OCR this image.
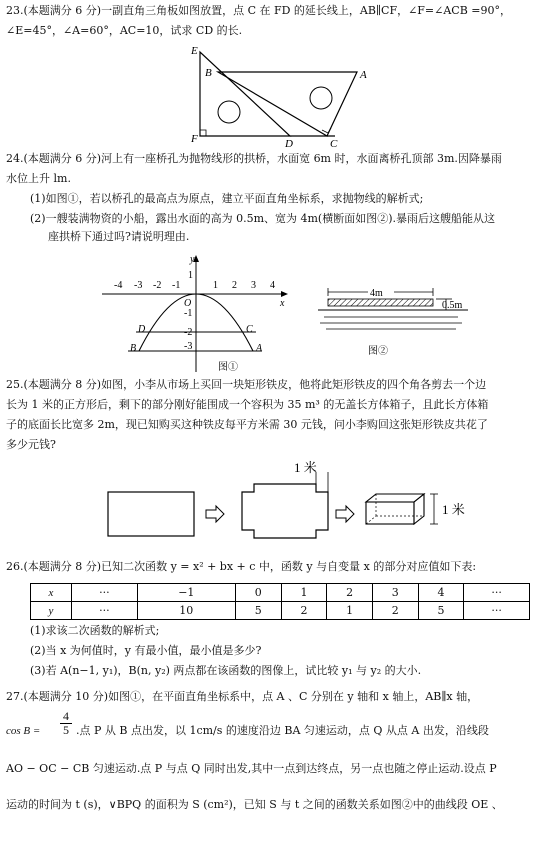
23.(本题满分 6 分)一副直角三角板如图放置，点 C 在 FD 的延长线上，AB∥CF，∠F=∠ACB =90°，
∠E=45°，∠A=60°，AC=10，试求 CD 的长.
E
B	A
F	D	C
24.(本题满分 6 分)河上有一座桥孔为抛物线形的拱桥，水面宽 6m 时，水面离桥孔顶部 3m.因降暴雨
水位上升 lm.
(1)如图①，若以桥孔的最高点为原点，建立平面直角坐标系，求抛物线的解析式;
(2)一艘装满物资的小船，露出水面的高为 0.5m、宽为 4m(横断面如图②).暴雨后这艘船能从这
座拱桥下通过吗?请说明理由.
y
x
O
-4 -3 -2 -1	1 2 3 4
1
-1
-2
-3
D	C
B	A
图①
4m
0.5m
图②
25.(本题满分 8 分)如图，小李从市场上买回一块矩形铁皮，他将此矩形铁皮的四个角各剪去一个边
长为 1 米的正方形后，剩下的部分刚好能围成一个容积为 35 m³ 的无盖长方体箱子，且此长方体箱
子的底面长比宽多 2m，现已知购买这种铁皮每平方米需 30 元钱，问小李购回这张矩形铁皮共花了
多少元钱?
1 米
1 米
26.(本题满分 8 分)已知二次函数 y = x² + bx + c 中，函数 y 与自变量 x 的部分对应值如下表:
x	···	−1	0	1	2	3	4	···
y	···	10	5	2	1	2	5	···
(1)求该二次函数的解析式;
(2)当 x 为何值时，y 有最小值，最小值是多少?
(3)若 A(n−1, y₁)，B(n, y₂) 两点都在该函数的图像上，试比较 y₁ 与 y₂ 的大小.
27.(本题满分 10 分)如图①，在平面直角坐标系中，点 A 、C 分别在 y 轴和 x 轴上，AB∥x 轴，
cos B =
4
5 .点 P 从 B 点出发，以 1cm/s 的速度沿边 BA 匀速运动，点 Q 从点 A 出发，沿线段
AO − OC − CB 匀速运动.点 P 与点 Q 同时出发,其中一点到达终点，另一点也随之停止运动.设点 P
运动的时间为 t (s)，∨BPQ 的面积为 S (cm²)，已知 S 与 t 之间的函数关系如图②中的曲线段 OE 、
